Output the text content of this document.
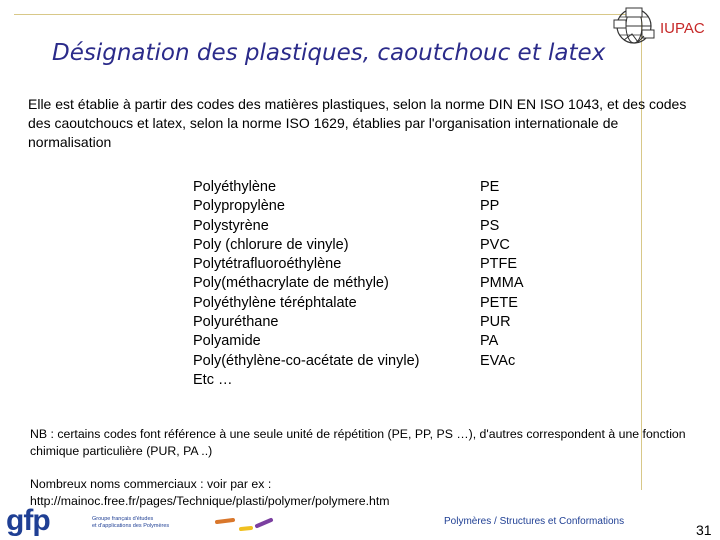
IUPAC
Désignation des plastiques, caoutchouc et latex
Elle est établie à partir des codes des matières plastiques, selon la norme DIN EN ISO 1043, et des codes des caoutchoucs et latex, selon la norme ISO 1629, établies par l'organisation internationale de normalisation
Polyéthylène
Polypropylène
Polystyrène
Poly (chlorure de vinyle)
Polytétrafluoroéthylène
Poly(méthacrylate de méthyle)
Polyéthylène téréphtalate
Polyuréthane
Polyamide
Poly(éthylène-co-acétate de vinyle)
Etc …
PE
PP
PS
PVC
PTFE
PMMA
PETE
PUR
PA
EVAc
NB : certains codes font référence à une seule unité de répétition (PE, PP, PS …), d'autres correspondent à une fonction chimique particulière (PUR, PA ..)
Nombreux noms commerciaux : voir par ex :
http://mainoc.free.fr/pages/Technique/plasti/polymer/polymere.htm
gfp	Groupe français d'études
et d'applications des Polymères	Polymères / Structures et Conformations
31
